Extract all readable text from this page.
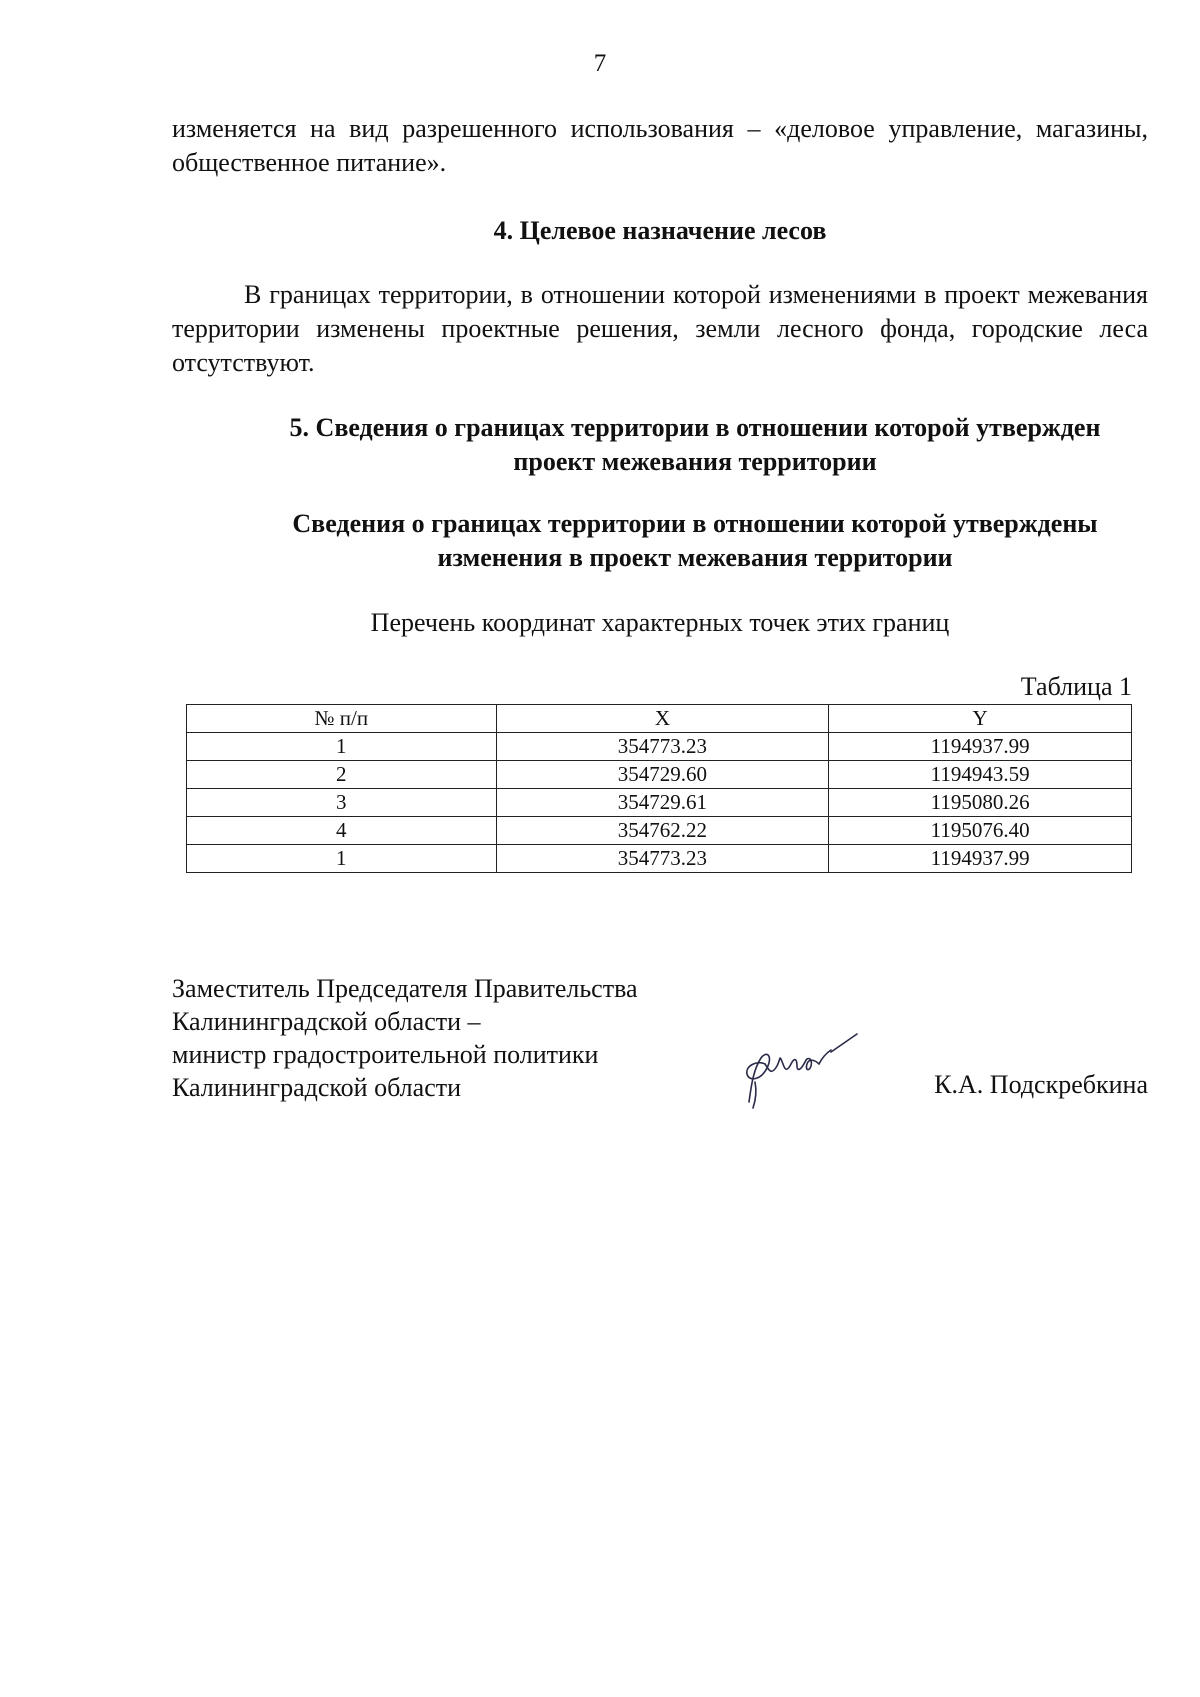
7
изменяется на вид разрешенного использования – «деловое управление, магазины, общественное питание».
4. Целевое назначение лесов
В границах территории, в отношении которой изменениями в проект межевания территории изменены проектные решения, земли лесного фонда, городские леса отсутствуют.
5. Сведения о границах территории в отношении которой утвержден
проект межевания территории
Сведения о границах территории в отношении которой утверждены
изменения в проект межевания территории
Перечень координат характерных точек этих границ
Таблица 1
№ п/п	X	Y
1	354773.23	1194937.99
2	354729.60	1194943.59
3	354729.61	1195080.26
4	354762.22	1195076.40
1	354773.23	1194937.99
Заместитель Председателя Правительства
Калининградской области –
министр градостроительной политики
Калининградской области	К.А. Подскребкина
